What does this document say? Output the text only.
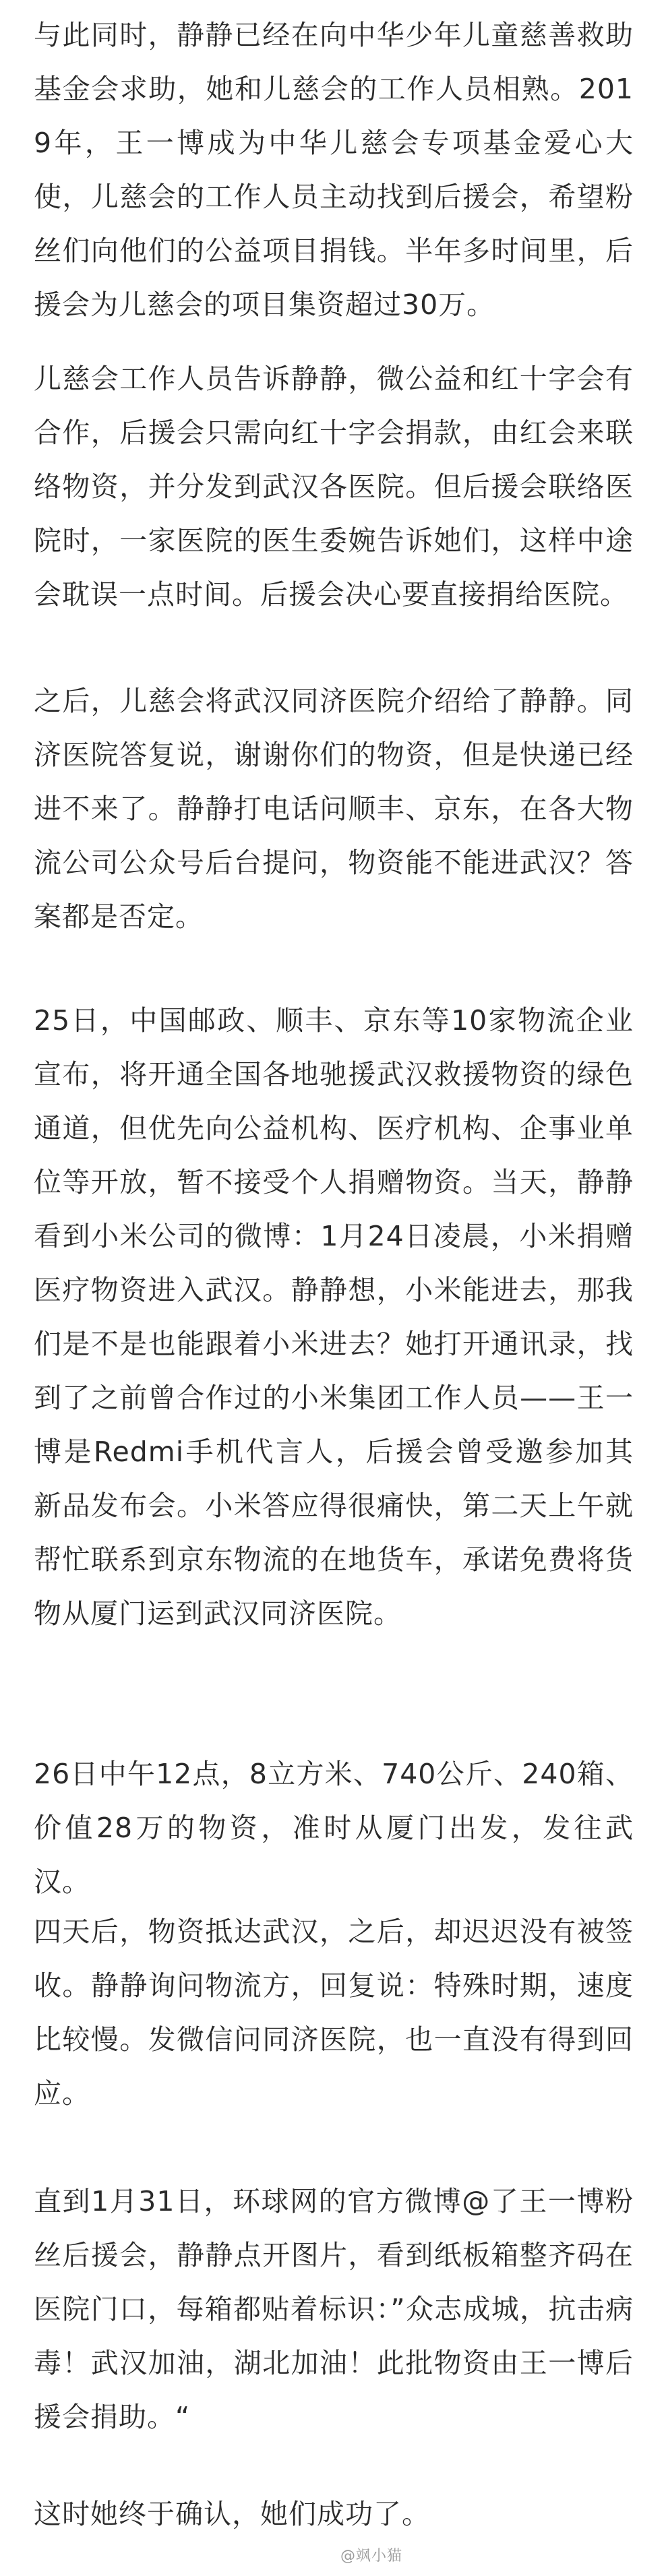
与此同时，静静已经在向中华少年儿童慈善救助基金会求助，她和儿慈会的工作人员相熟。2019年，王一博成为中华儿慈会专项基金爱心大使，儿慈会的工作人员主动找到后援会，希望粉丝们向他们的公益项目捐钱。半年多时间里，后援会为儿慈会的项目集资超过30万。

儿慈会工作人员告诉静静，微公益和红十字会有合作，后援会只需向红十字会捐款，由红会来联络物资，并分发到武汉各医院。但后援会联络医院时，一家医院的医生委婉告诉她们，这样中途会耽误一点时间。后援会决心要直接捐给医院。

之后，儿慈会将武汉同济医院介绍给了静静。同济医院答复说，谢谢你们的物资，但是快递已经进不来了。静静打电话问顺丰、京东，在各大物流公司公众号后台提问，物资能不能进武汉？答案都是否定。

25日，中国邮政、顺丰、京东等10家物流企业宣布，将开通全国各地驰援武汉救援物资的绿色通道，但优先向公益机构、医疗机构、企事业单位等开放，暂不接受个人捐赠物资。当天，静静看到小米公司的微博：1月24日凌晨，小米捐赠医疗物资进入武汉。静静想，小米能进去，那我们是不是也能跟着小米进去？她打开通讯录，找到了之前曾合作过的小米集团工作人员——王一博是Redmi手机代言人，后援会曾受邀参加其新品发布会。小米答应得很痛快，第二天上午就帮忙联系到京东物流的在地货车，承诺免费将货物从厦门运到武汉同济医院。

26日中午12点，8立方米、740公斤、240箱、价值28万的物资，准时从厦门出发，发往武汉。

四天后，物资抵达武汉，之后，却迟迟没有被签收。静静询问物流方，回复说：特殊时期，速度比较慢。发微信问同济医院，也一直没有得到回应。

直到1月31日，环球网的官方微博@了王一博粉丝后援会，静静点开图片，看到纸板箱整齐码在医院门口，每箱都贴着标识：”众志成城，抗击病毒！武汉加油，湖北加油！此批物资由王一博后援会捐助。“

这时她终于确认，她们成功了。

@飒小猫
